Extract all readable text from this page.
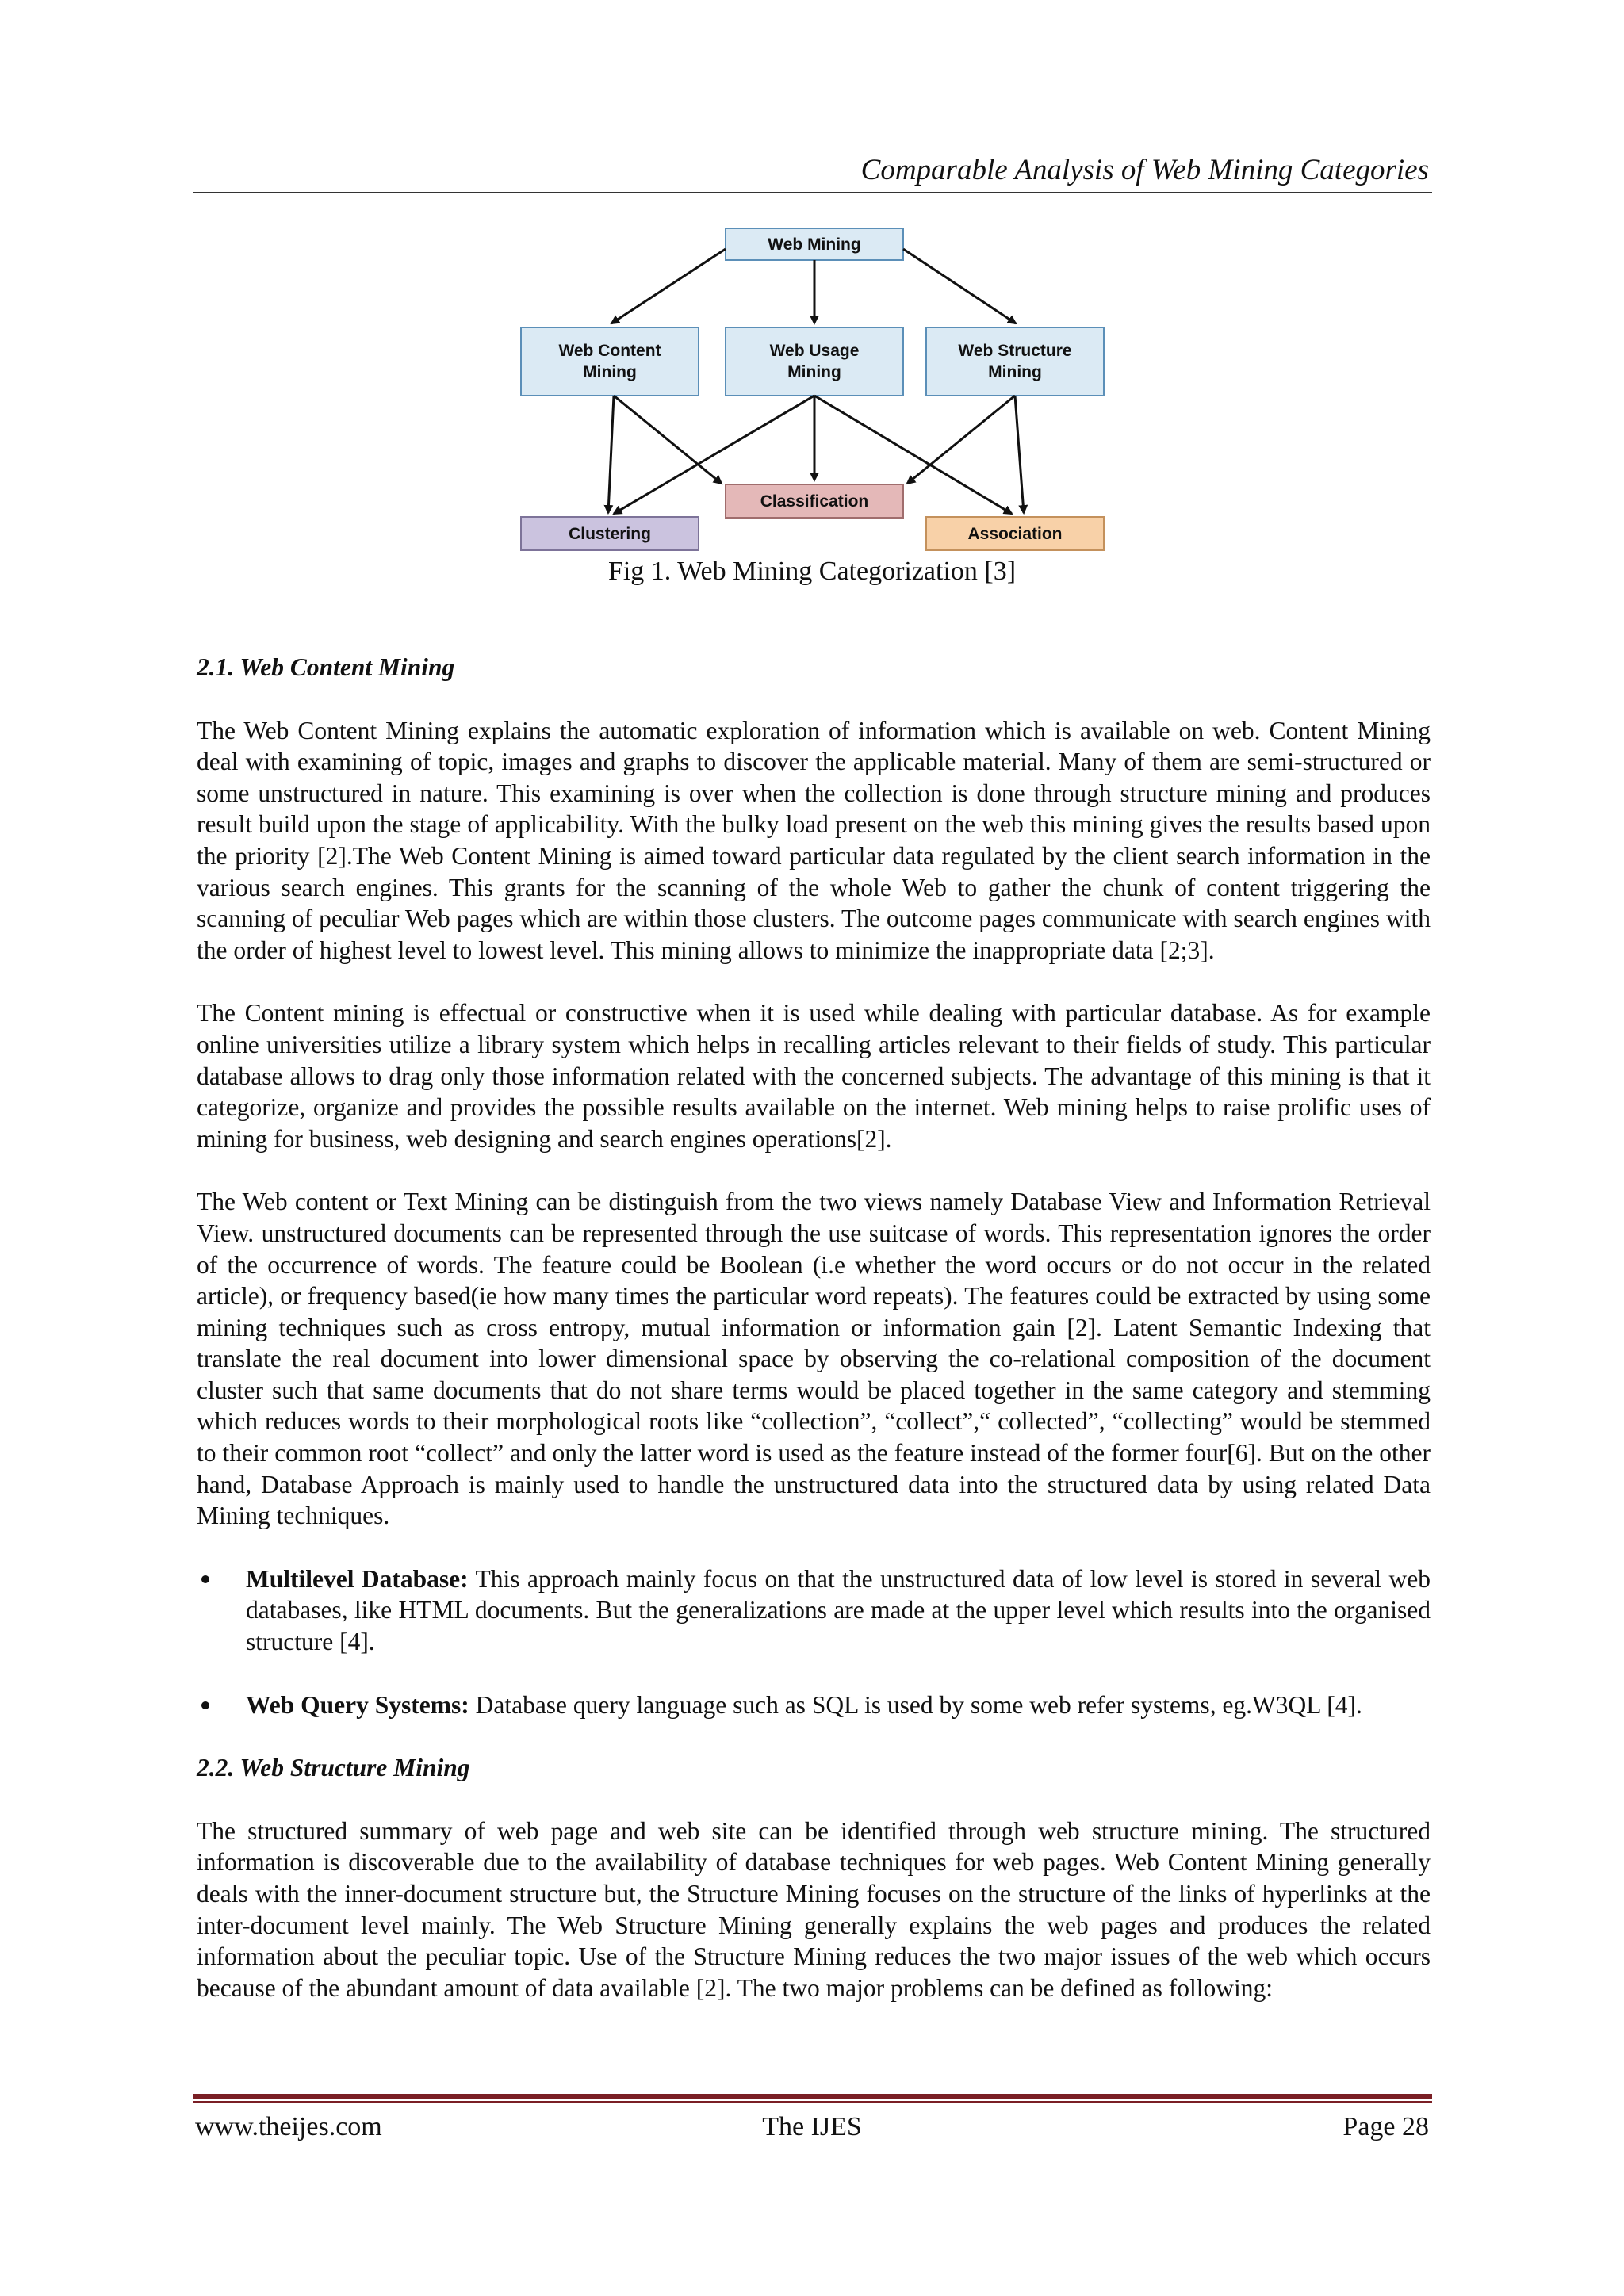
Comparable Analysis of Web Mining Categories
Web Mining
Web Content
Mining
Web Usage
Mining
Web Structure
Mining
Classification
Clustering	Association
Fig 1. Web Mining Categorization [3]

2.1. Web Content Mining

The Web Content Mining explains the automatic exploration of information which is available on web. Content Mining deal with examining of topic, images and graphs to discover the applicable material. Many of them are semi-structured or some unstructured in nature. This examining is over when the collection is done through structure mining and produces result build upon the stage of applicability. With the bulky load present on the web this mining gives the results based upon the priority [2].The Web Content Mining is aimed toward particular data regulated by the client search information in the various search engines. This grants for the scanning of the whole Web to gather the chunk of content triggering the scanning of peculiar Web pages which are within those clusters. The outcome pages communicate with search engines with the order of highest level to lowest level. This mining allows to minimize the inappropriate data [2;3].

The Content mining is effectual or constructive when it is used while dealing with particular database. As for example online universities utilize a library system which helps in recalling articles relevant to their fields of study. This particular database allows to drag only those information related with the concerned subjects. The advantage of this mining is that it categorize, organize and provides the possible results available on the internet. Web mining helps to raise prolific uses of mining for business, web designing and search engines operations[2].

The Web content or Text Mining can be distinguish from the two views namely Database View and Information Retrieval View. unstructured documents can be represented through the use suitcase of words. This representation ignores the order of the occurrence of words. The feature could be Boolean (i.e whether the word occurs or do not occur in the related article), or frequency based(ie how many times the particular word repeats). The features could be extracted by using some mining techniques such as cross entropy, mutual information or information gain [2]. Latent Semantic Indexing that translate the real document into lower dimensional space by observing the co-relational composition of the document cluster such that same documents that do not share terms would be placed together in the same category and stemming which reduces words to their morphological roots like “collection”, “collect”,“ collected”, “collecting” would be stemmed to their common root “collect” and only the latter word is used as the feature instead of the former four[6]. But on the other hand, Database Approach is mainly used to handle the unstructured data into the structured data by using related Data Mining techniques.

Multilevel Database: This approach mainly focus on that the unstructured data of low level is stored in several web databases, like HTML documents. But the generalizations are made at the upper level which results into the organised structure [4].
Web Query Systems: Database query language such as SQL is used by some web refer systems, eg.W3QL [4].

2.2. Web Structure Mining

The structured summary of web page and web site can be identified through web structure mining. The structured information is discoverable due to the availability of database techniques for web pages. Web Content Mining generally deals with the inner-document structure but, the Structure Mining focuses on the structure of the links of hyperlinks at the inter-document level mainly. The Web Structure Mining generally explains the web pages and produces the related information about the peculiar topic. Use of the Structure Mining reduces the two major issues of the web which occurs because of the abundant amount of data available [2]. The two major problems can be defined as following:

www.theijes.com	The IJES	Page 28
